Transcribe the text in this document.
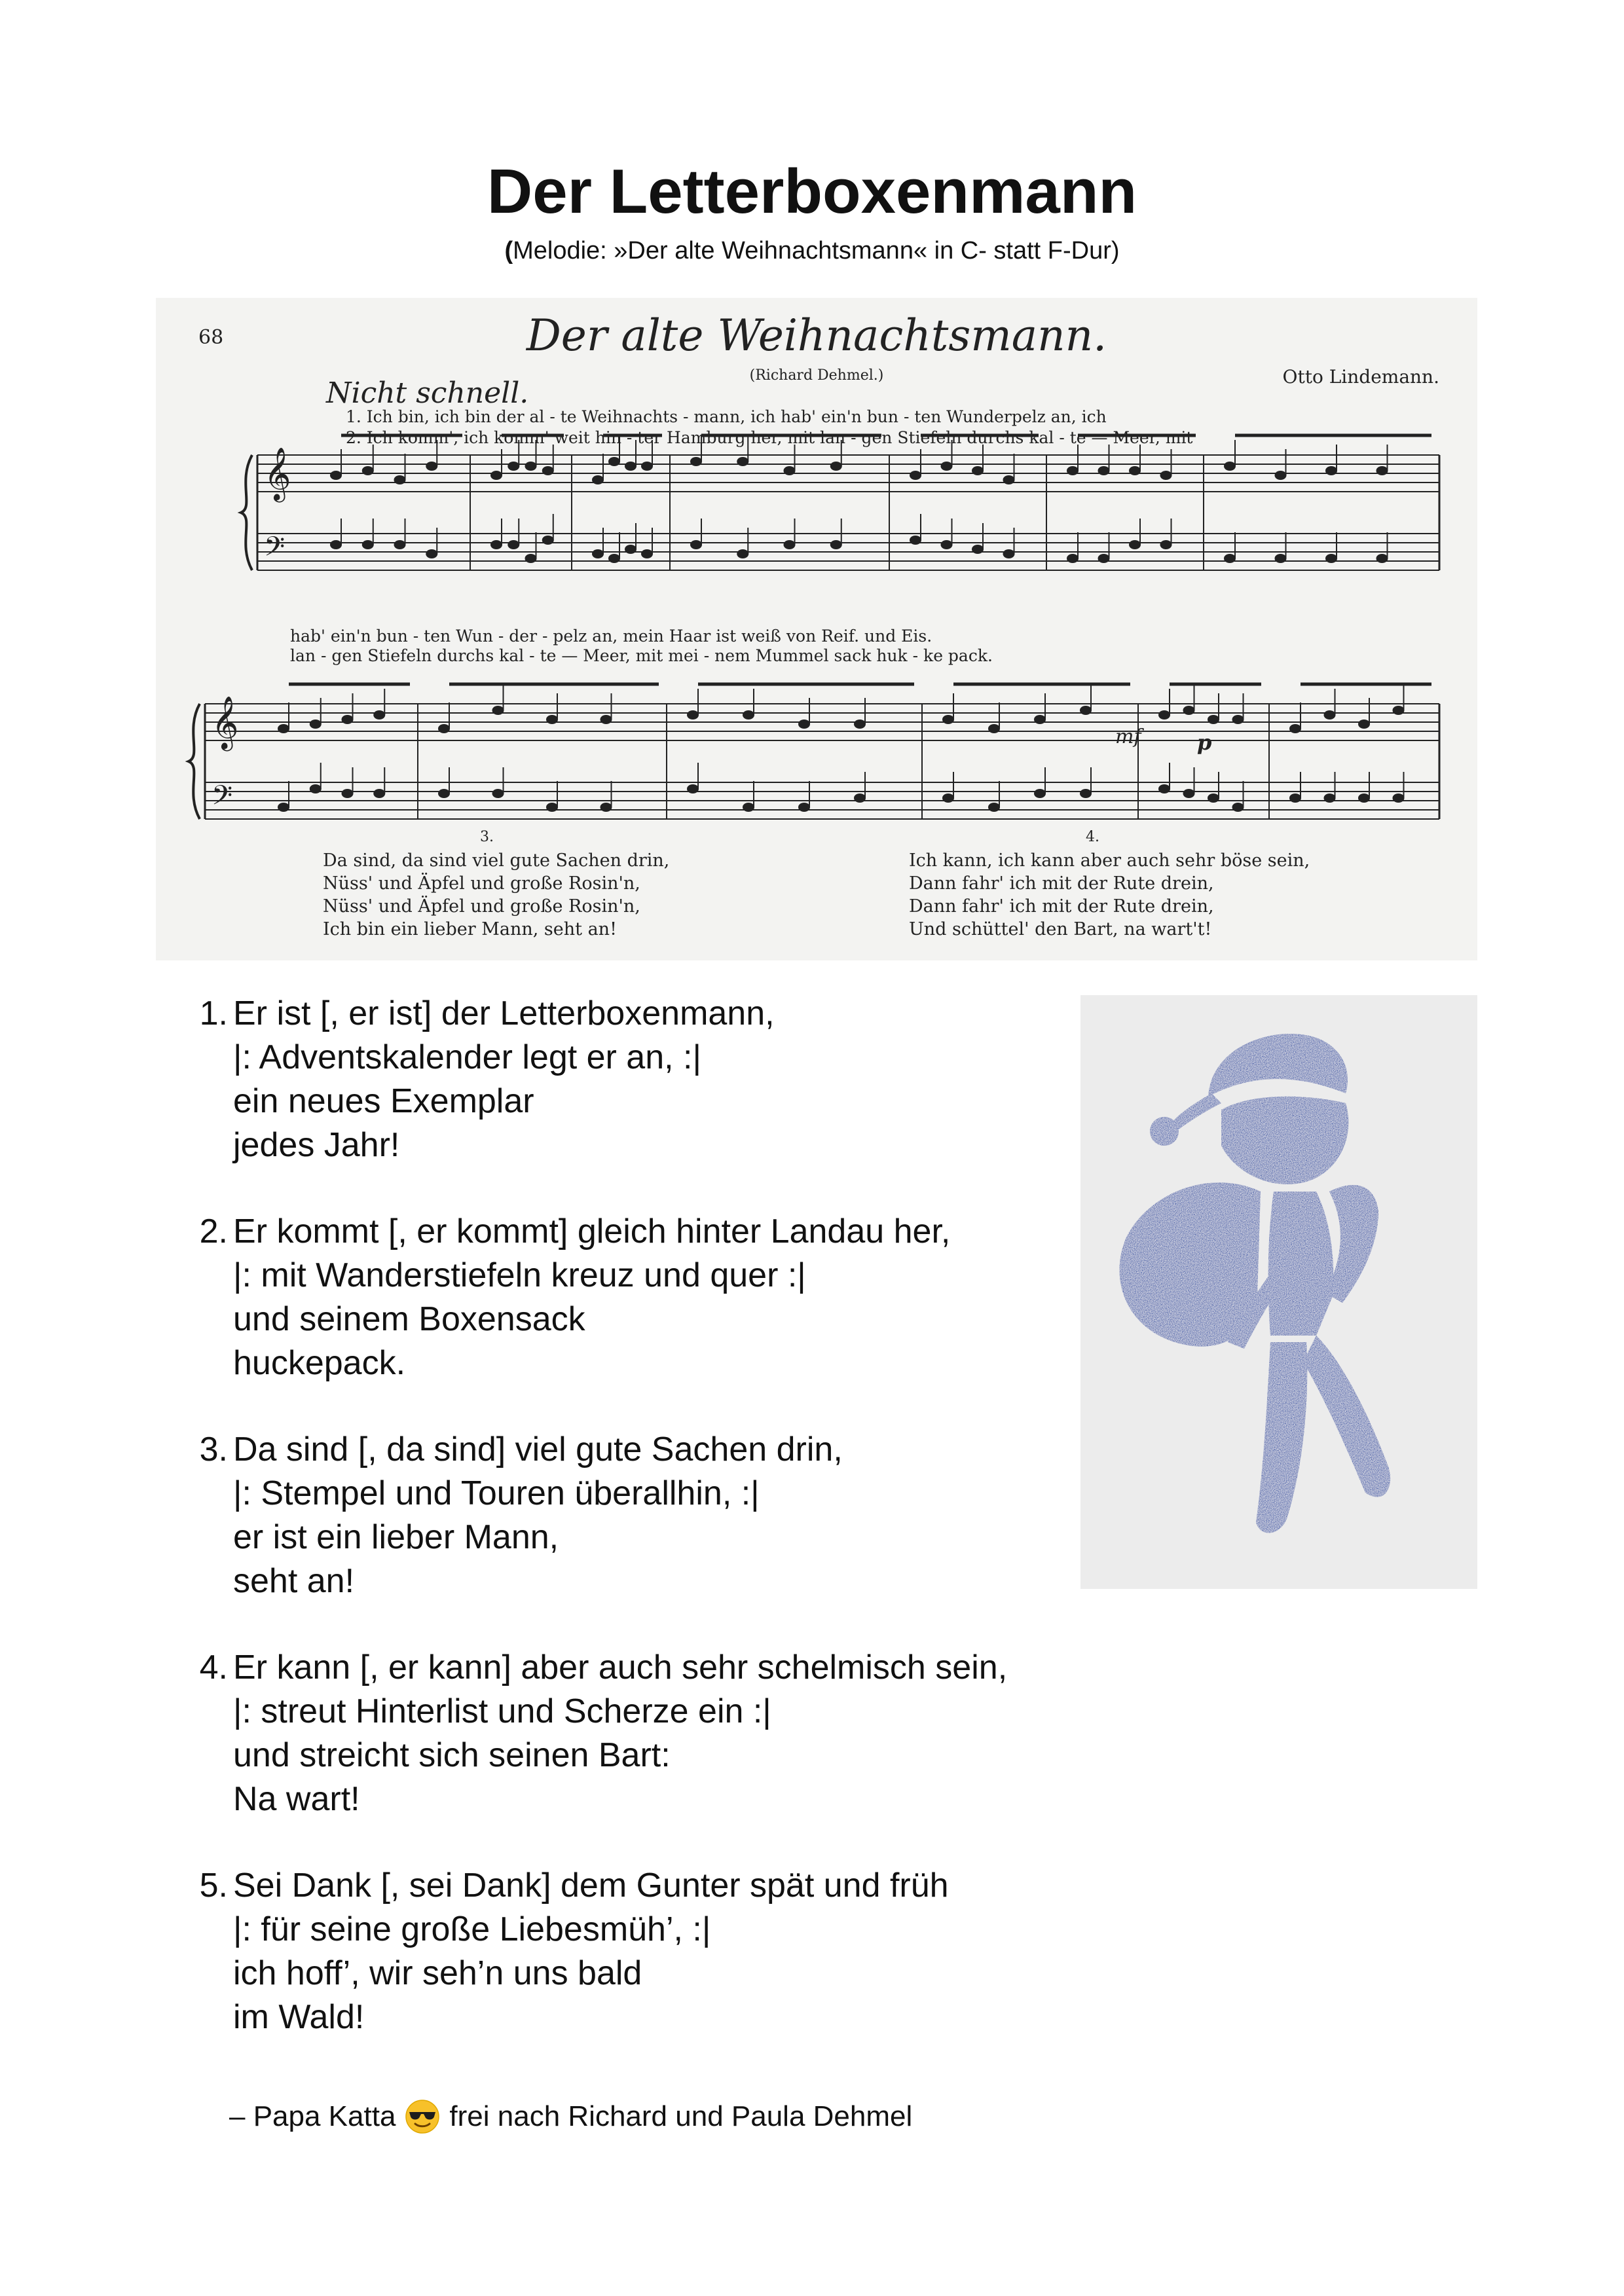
Der Letterboxenmann
(Melodie: »Der alte Weihnachtsmann« in C- statt F-Dur)
68	Der alte Weihnachtsmann.
(Richard Dehmel.)	Otto Lindemann.
Nicht schnell.
1. Ich bin, ich bin der al - te Weihnachts - mann, ich hab' ein'n bun - ten Wunderpelz an, ich
2. Ich komm', ich komm' weit hin - ter Hamburg her, mit lan - gen Stiefeln durchs kal - te — Meer, mit
hab' ein'n bun - ten Wun - der - pelz an, mein Haar ist weiß von Reif. und Eis.
lan - gen Stiefeln durchs kal - te — Meer, mit mei - nem Mummel sack huk - ke pack.
mf	p
3.	4.
Da sind, da sind viel gute Sachen drin,
Nüss' und Äpfel und große Rosin'n,
Nüss' und Äpfel und große Rosin'n,
Ich bin ein lieber Mann, seht an!
Ich kann, ich kann aber auch sehr böse sein,
Dann fahr' ich mit der Rute drein,
Dann fahr' ich mit der Rute drein,
Und schüttel' den Bart, na wart't!
𝄞
𝄢
𝄞
𝄢
1. Er ist [, er ist] der Letterboxenmann,
|: Adventskalender legt er an, :|
ein neues Exemplar
jedes Jahr!
2. Er kommt [, er kommt] gleich hinter Landau her,
|: mit Wanderstiefeln kreuz und quer :|
und seinem Boxensack
huckepack.
3. Da sind [, da sind] viel gute Sachen drin,
|: Stempel und Touren überallhin, :|
er ist ein lieber Mann,
seht an!
4. Er kann [, er kann] aber auch sehr schelmisch sein,
|: streut Hinterlist und Scherze ein :|
und streicht sich seinen Bart:
Na wart!
5. Sei Dank [, sei Dank] dem Gunter spät und früh
|: für seine große Liebesmüh’, :|
ich hoff’, wir seh’n uns bald
im Wald!
– Papa Katta frei nach Richard und Paula Dehmel
